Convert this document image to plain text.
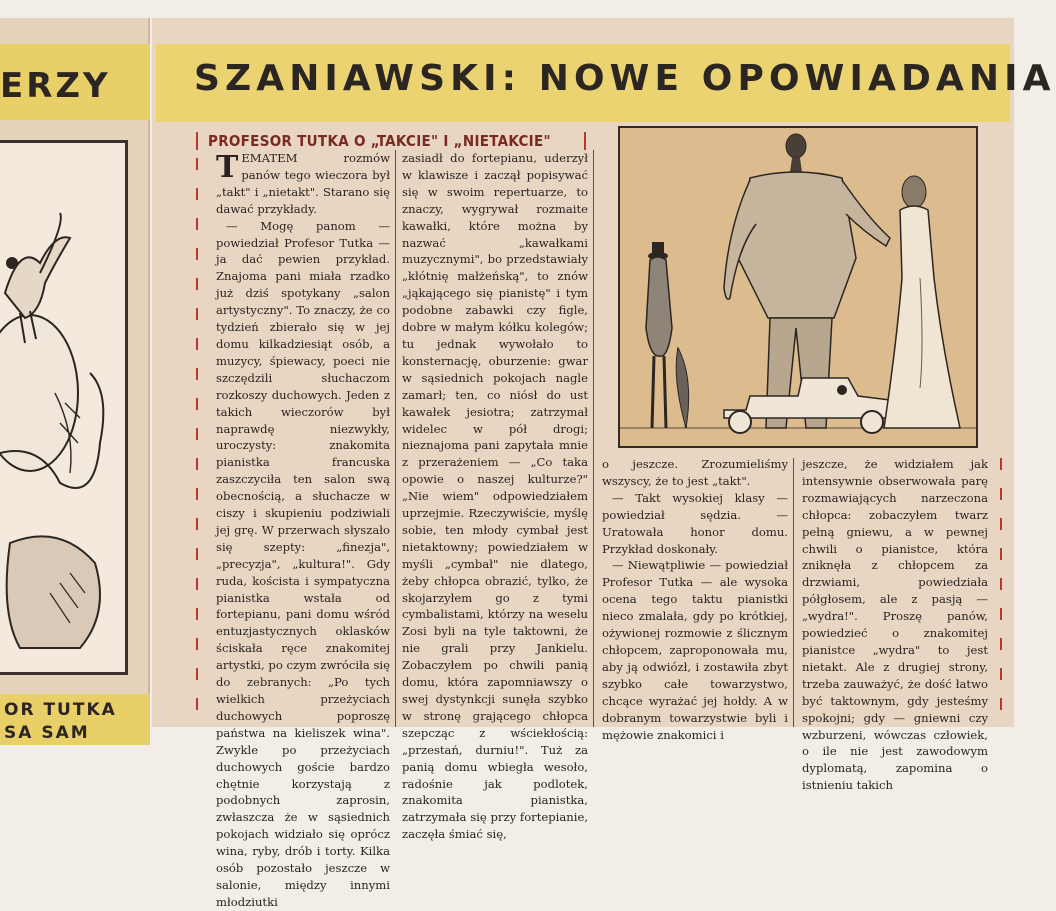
ERZY
OR TUTKA
SA SAM
SZANIAWSKI: NOWE OPOWIADANIA
PROFESOR TUTKA O „TAKCIE" I „NIETAKCIE"

TEMATEM rozmów panów tego wieczora był „takt" i „nietakt". Starano się dawać przykłady.

— Mogę panom — powiedział Profesor Tutka — ja dać pewien przykład. Znajoma pani miała rzadko już dziś spotykany „salon artystyczny". To znaczy, że co tydzień zbierało się w jej domu kilkadziesiąt osób, a muzycy, śpiewacy, poeci nie szczędzili słuchaczom rozkoszy duchowych. Jeden z takich wieczorów był naprawdę niezwykły, uroczysty: znakomita pianistka francuska zaszczyciła ten salon swą obecnością, a słuchacze w ciszy i skupieniu podziwiali jej grę. W przerwach słyszało się szepty: „finezja", „precyzja", „kultura!". Gdy ruda, koścista i sympatyczna pianistka wstała od fortepianu, pani domu wśród entuzjastycznych oklasków ściskała ręce znakomitej artystki, po czym zwróciła się do zebranych: „Po tych wielkich przeżyciach duchowych poproszę państwa na kieliszek wina". Zwykle po przeżyciach duchowych goście bardzo chętnie korzystają z podobnych zaprosin, zwłaszcza że w sąsiednich pokojach widziało się oprócz wina, ryby, drób i torty. Kilka osób pozostało jeszcze w salonie, między innymi młodziutki

zasiadł do fortepianu, uderzył w klawisze i zaczął popisywać się w swoim repertuarze, to znaczy, wygrywał rozmaite kawałki, które można by nazwać „kawałkami muzycznymi", bo przedstawiały „kłótnię małżeńską", to znów „jąkającego się pianistę" i tym podobne zabawki czy figle, dobre w małym kółku kolegów; tu jednak wywołało to konsternację, oburzenie: gwar w sąsiednich pokojach nagle zamarł; ten, co niósł do ust kawałek jesiotra; zatrzymał widelec w pół drogi; nieznajoma pani zapytała mnie z przerażeniem — „Co taka opowie o naszej kulturze?" „Nie wiem" odpowiedziałem uprzejmie. Rzeczywiście, myślę sobie, ten młody cymbał jest nietaktowny; powiedziałem w myśli „cymbał" nie dlatego, żeby chłopca obrazić, tylko, że skojarzyłem go z tymi cymbalistami, którzy na weselu Zosi byli na tyle taktowni, że nie grali przy Jankielu. Zobaczyłem po chwili panią domu, która zapomniawszy o swej dystynkcji sunęła szybko w stronę grającego chłopca szepcząc z wściekłością: „przestań, durniu!". Tuż za panią domu wbiegła wesoło, radośnie jak podlotek, znakomita pianistka, zatrzymała się przy fortepianie, zaczęła śmiać się,

o jeszcze. Zrozumieliśmy wszyscy, że to jest „takt".

— Takt wysokiej klasy — powiedział sędzia. — Uratowała honor domu. Przykład doskonały.

— Niewątpliwie — powiedział Profesor Tutka — ale wysoka ocena tego taktu pianistki nieco zmalała, gdy po krótkiej, ożywionej rozmowie z ślicznym chłopcem, zaproponowała mu, aby ją odwiózł, i zostawiła zbyt szybko całe towarzystwo, chcące wyrażać jej hołdy. A w dobranym towarzystwie byli i mężowie znakomici i

jeszcze, że widziałem jak intensywnie obserwowała parę rozmawiających narzeczona chłopca: zobaczyłem twarz pełną gniewu, a w pewnej chwili o pianistce, która zniknęła z chłopcem za drzwiami, powiedziała półgłosem, ale z pasją — „wydra!". Proszę panów, powiedzieć o znakomitej pianistce „wydra" to jest nietakt. Ale z drugiej strony, trzeba zauważyć, że dość łatwo być taktownym, gdy jesteśmy spokojni; gdy — gniewni czy wzburzeni, wówczas człowiek, o ile nie jest zawodowym dyplomatą, zapomina o istnieniu takich
